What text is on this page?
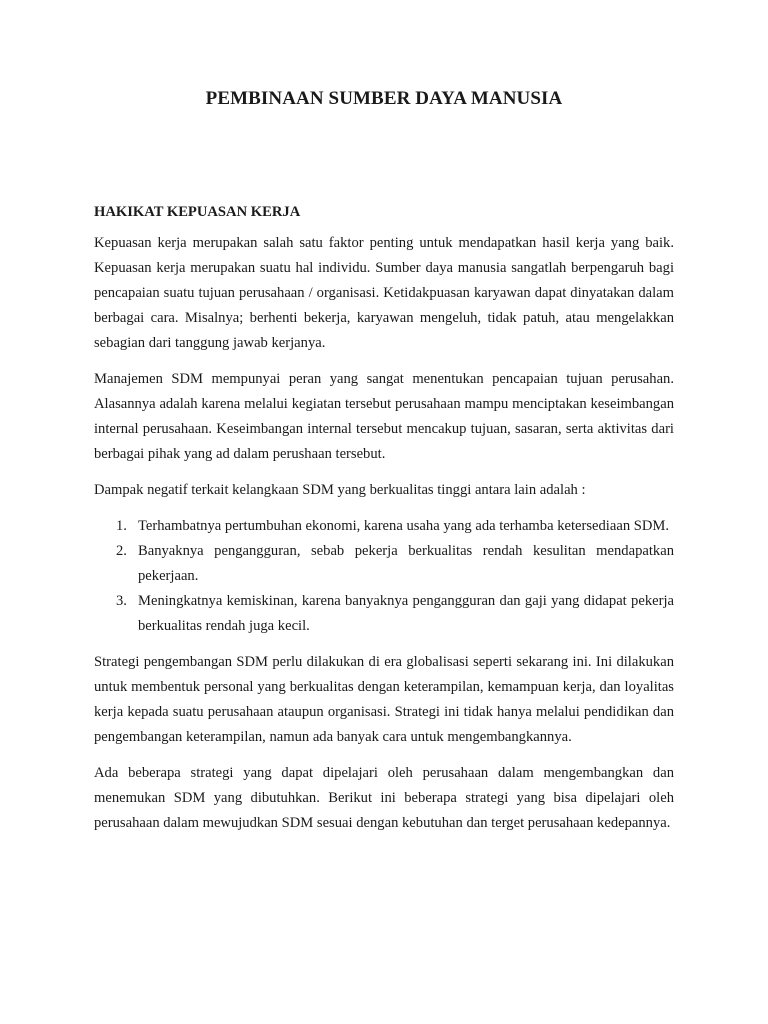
PEMBINAAN SUMBER DAYA MANUSIA
HAKIKAT KEPUASAN KERJA

Kepuasan kerja merupakan salah satu faktor penting untuk mendapatkan hasil kerja yang baik. Kepuasan kerja merupakan suatu hal individu. Sumber daya manusia sangatlah berpengaruh bagi pencapaian suatu tujuan perusahaan / organisasi. Ketidakpuasan karyawan dapat dinyatakan dalam berbagai cara. Misalnya; berhenti bekerja, karyawan mengeluh, tidak patuh, atau mengelakkan sebagian dari tanggung jawab kerjanya.

Manajemen SDM mempunyai peran yang sangat menentukan pencapaian tujuan perusahan. Alasannya adalah karena melalui kegiatan tersebut perusahaan mampu menciptakan keseimbangan internal perusahaan. Keseimbangan internal tersebut mencakup tujuan, sasaran, serta aktivitas dari berbagai pihak yang ad dalam perushaan tersebut.

Dampak negatif terkait kelangkaan SDM yang berkualitas tinggi antara lain adalah :

1. Terhambatnya pertumbuhan ekonomi, karena usaha yang ada terhamba ketersediaan SDM.
2. Banyaknya pengangguran, sebab pekerja berkualitas rendah kesulitan mendapatkan pekerjaan.
3. Meningkatnya kemiskinan, karena banyaknya pengangguran dan gaji yang didapat pekerja berkualitas rendah juga kecil.

Strategi pengembangan SDM perlu dilakukan di era globalisasi seperti sekarang ini. Ini dilakukan untuk membentuk personal yang berkualitas dengan keterampilan, kemampuan kerja, dan loyalitas kerja kepada suatu perusahaan ataupun organisasi. Strategi ini tidak hanya melalui pendidikan dan pengembangan keterampilan, namun ada banyak cara untuk mengembangkannya.

Ada beberapa strategi yang dapat dipelajari oleh perusahaan dalam mengembangkan dan menemukan SDM yang dibutuhkan. Berikut ini beberapa strategi yang bisa dipelajari oleh perusahaan dalam mewujudkan SDM sesuai dengan kebutuhan dan terget perusahaan kedepannya.
